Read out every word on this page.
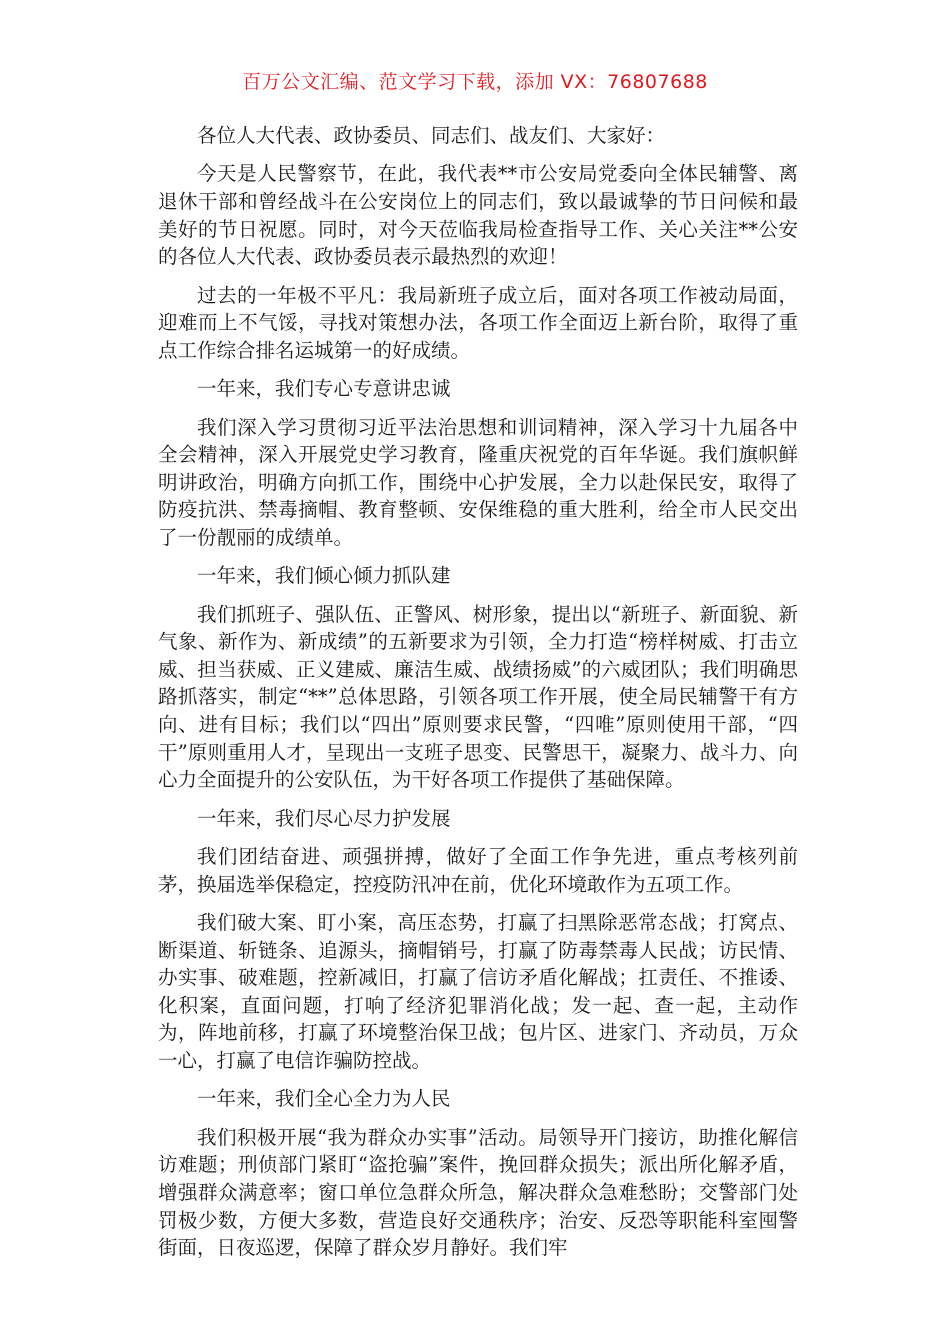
百万公文汇编、范文学习下载，添加 VX：76807688

各位人大代表、政协委员、同志们、战友们、大家好：

今天是人民警察节，在此，我代表**市公安局党委向全体民辅警、离退休干部和曾经战斗在公安岗位上的同志们，致以最诚挚的节日问候和最美好的节日祝愿。同时，对今天莅临我局检查指导工作、关心关注**公安的各位人大代表、政协委员表示最热烈的欢迎！

过去的一年极不平凡：我局新班子成立后，面对各项工作被动局面，迎难而上不气馁，寻找对策想办法，各项工作全面迈上新台阶，取得了重点工作综合排名运城第一的好成绩。

一年来，我们专心专意讲忠诚

我们深入学习贯彻习近平法治思想和训词精神，深入学习十九届各中全会精神，深入开展党史学习教育，隆重庆祝党的百年华诞。我们旗帜鲜明讲政治，明确方向抓工作，围绕中心护发展，全力以赴保民安，取得了防疫抗洪、禁毒摘帽、教育整顿、安保维稳的重大胜利，给全市人民交出了一份靓丽的成绩单。

一年来，我们倾心倾力抓队建

我们抓班子、强队伍、正警风、树形象，提出以“新班子、新面貌、新气象、新作为、新成绩”的五新要求为引领，全力打造“榜样树威、打击立威、担当获威、正义建威、廉洁生威、战绩扬威”的六威团队；我们明确思路抓落实，制定“**”总体思路，引领各项工作开展，使全局民辅警干有方向、进有目标；我们以“四出”原则要求民警，“四唯”原则使用干部，“四干”原则重用人才，呈现出一支班子思变、民警思干，凝聚力、战斗力、向心力全面提升的公安队伍，为干好各项工作提供了基础保障。

一年来，我们尽心尽力护发展

我们团结奋进、顽强拼搏，做好了全面工作争先进，重点考核列前茅，换届选举保稳定，控疫防汛冲在前，优化环境敢作为五项工作。

我们破大案、盯小案，高压态势，打赢了扫黑除恶常态战；打窝点、断渠道、斩链条、追源头，摘帽销号，打赢了防毒禁毒人民战；访民情、办实事、破难题，控新减旧，打赢了信访矛盾化解战；扛责任、不推诿、化积案，直面问题，打响了经济犯罪消化战；发一起、查一起，主动作为，阵地前移，打赢了环境整治保卫战；包片区、进家门、齐动员，万众一心，打赢了电信诈骗防控战。

一年来，我们全心全力为人民

我们积极开展“我为群众办实事”活动。局领导开门接访，助推化解信访难题；刑侦部门紧盯“盗抢骗”案件，挽回群众损失；派出所化解矛盾，增强群众满意率；窗口单位急群众所急，解决群众急难愁盼；交警部门处罚极少数，方便大多数，营造良好交通秩序；治安、反恐等职能科室囤警街面，日夜巡逻，保障了群众岁月静好。我们牢
